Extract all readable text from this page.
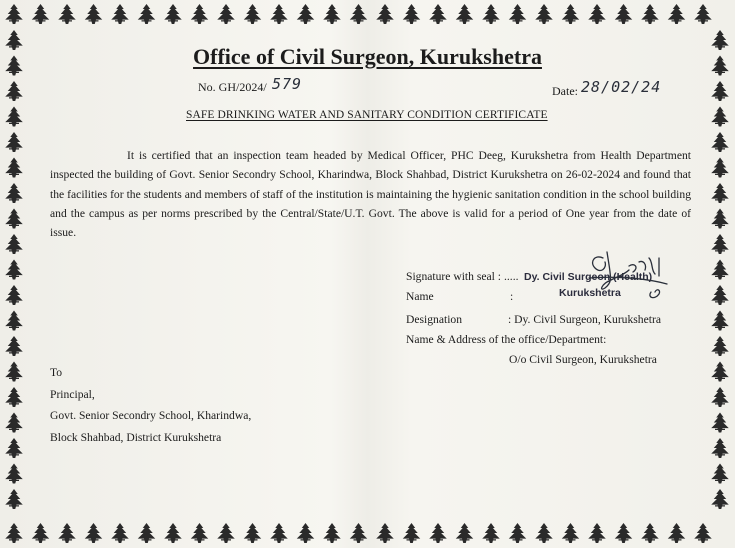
Office of Civil Surgeon, Kurukshetra
No. GH/2024/ 579	Date: 28/02/24
SAFE DRINKING WATER AND SANITARY CONDITION CERTIFICATE
It is certified that an inspection team headed by Medical Officer, PHC Deeg, Kurukshetra from Health Department inspected the building of Govt. Senior Secondry School, Kharindwa, Block Shahbad, District Kurukshetra on 26-02-2024 and found that the facilities for the students and members of staff of the institution is maintaining the hygienic sanitation condition in the school building and the campus as per norms prescribed by the Central/State/U.T. Govt. The above is valid for a period of One year from the date of issue.
Signature with seal : ..... Dy. Civil Surgeon (Health)
Name	:	Kurukshetra
Designation	: Dy. Civil Surgeon, Kurukshetra
Name & Address of the office/Department:
O/o Civil Surgeon, Kurukshetra
To
Principal,
Govt. Senior Secondry School, Kharindwa,
Block Shahbad, District Kurukshetra
